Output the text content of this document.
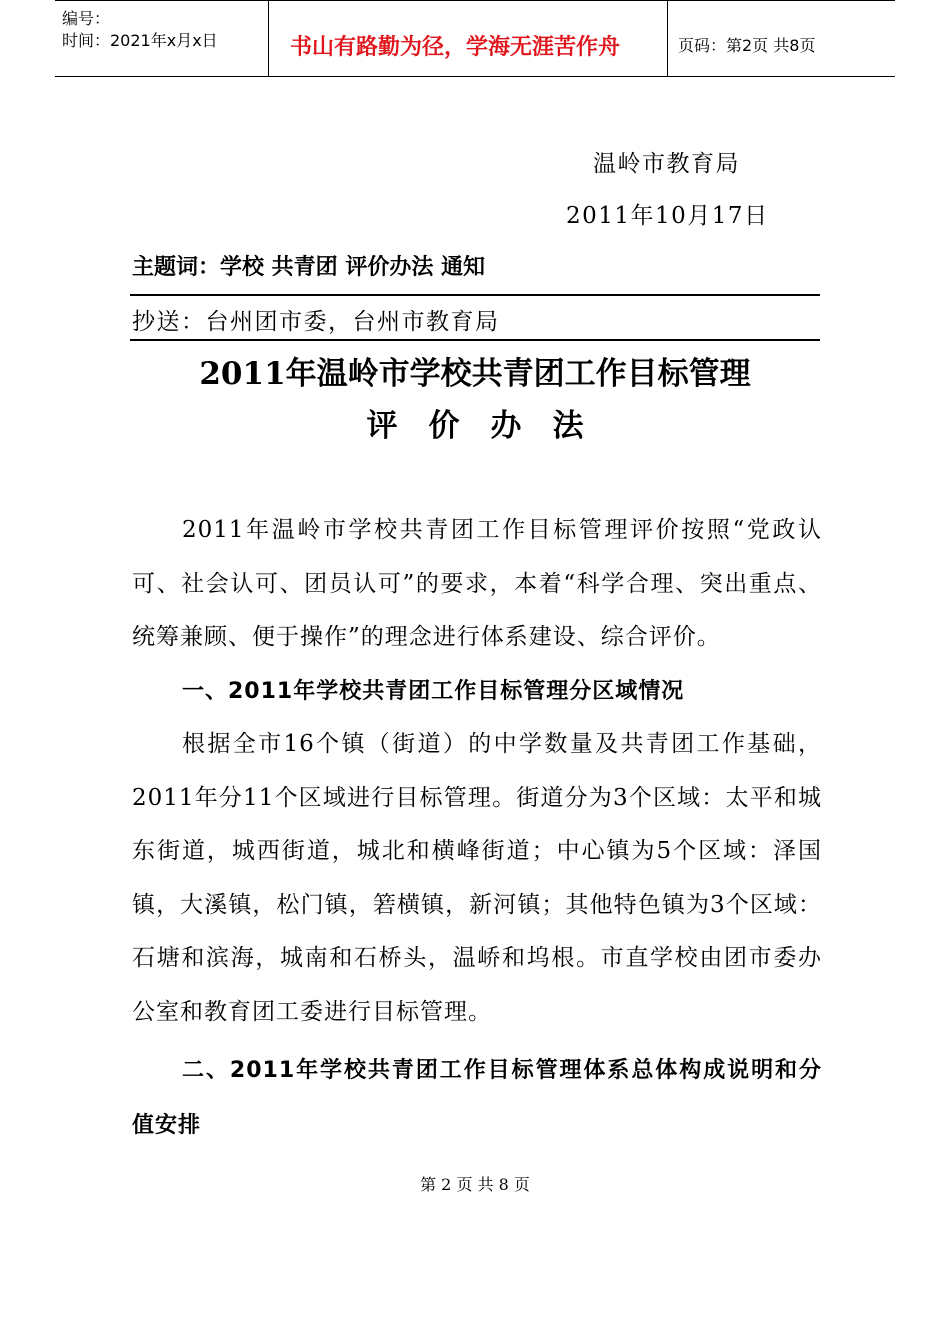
编号：
时间：2021年x月x日	书山有路勤为径，学海无涯苦作舟	页码：第2页 共8页
温岭市教育局
2011年10月17日
主题词：学校 共青团 评价办法 通知
抄送：台州团市委，台州市教育局
2011年温岭市学校共青团工作目标管理
评　价　办　法

2011年温岭市学校共青团工作目标管理评价按照“党政认可、社会认可、团员认可”的要求，本着“科学合理、突出重点、统筹兼顾、便于操作”的理念进行体系建设、综合评价。

一、2011年学校共青团工作目标管理分区域情况

根据全市16个镇（街道）的中学数量及共青团工作基础，2011年分11个区域进行目标管理。街道分为3个区域：太平和城东街道，城西街道，城北和横峰街道；中心镇为5个区域：泽国镇，大溪镇，松门镇，箬横镇，新河镇；其他特色镇为3个区域：石塘和滨海，城南和石桥头，温峤和坞根。市直学校由团市委办公室和教育团工委进行目标管理。

二、2011年学校共青团工作目标管理体系总体构成说明和分值安排

第 2 页 共 8 页
